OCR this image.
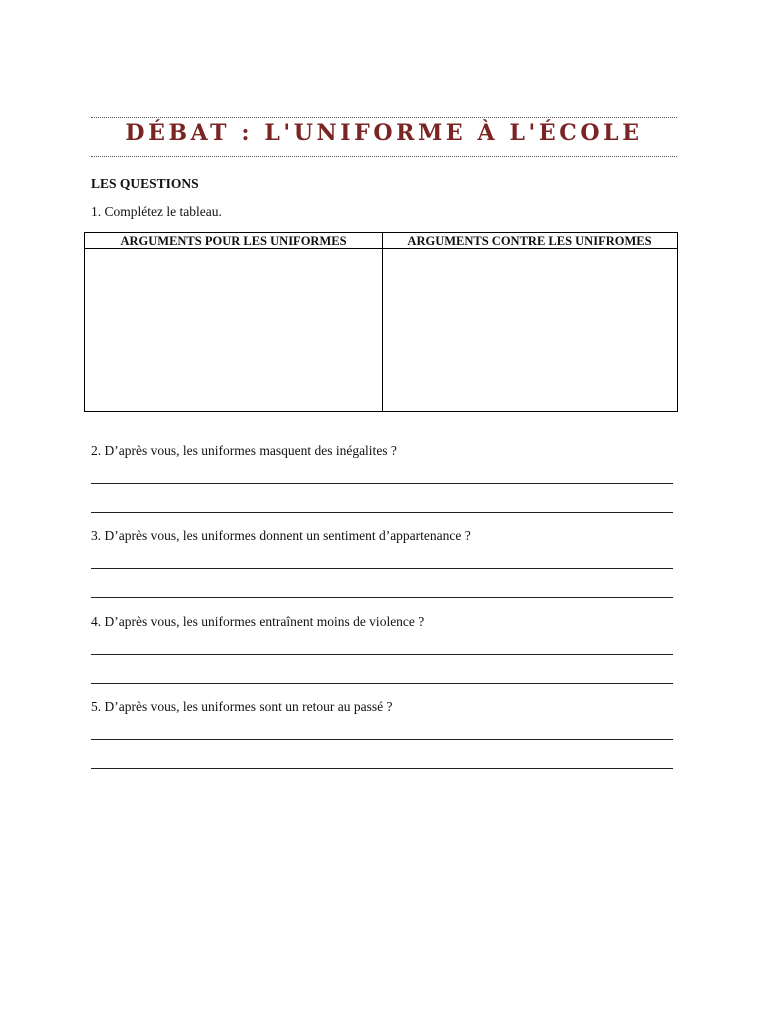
DÉBAT : L'UNIFORME À L'ÉCOLE
LES QUESTIONS
1. Complétez le tableau.
ARGUMENTS POUR LES UNIFORMES	ARGUMENTS CONTRE LES UNIFROMES
2. D’après vous, les uniformes masquent des inégalites ?
3. D’après vous, les uniformes donnent un sentiment d’appartenance ?
4. D’après vous, les uniformes entraînent moins de violence ?
5. D’après vous, les uniformes sont un retour au passé ?
